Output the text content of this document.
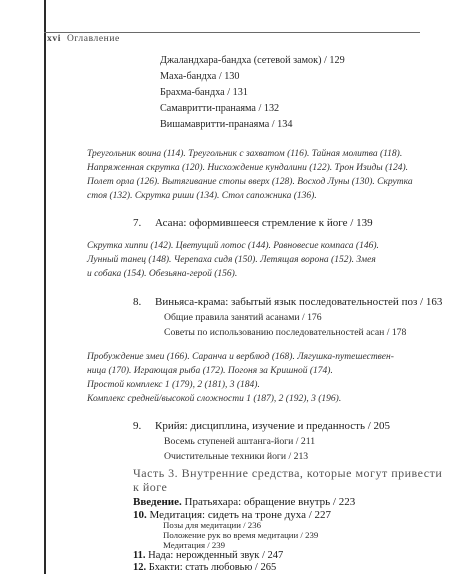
xvi Оглавление
Джаландхара-бандха (сетевой замок) / 129
Маха-бандха / 130
Брахма-бандха / 131
Самавритти-пранаяма / 132
Вишамавритти-пранаяма / 134
Треугольник воина (114). Треугольник с захватом (116). Тайная молитва (118).
Напряженная скрутка (120). Нисхождение кундалини (122). Трон Изиды (124).
Полет орла (126). Вытягивание стопы вверх (128). Восход Луны (130). Скрутка
стоя (132). Скрутка риши (134). Стол сапожника (136).
7. Асана: оформившееся стремление к йоге / 139
Скрутка хиппи (142). Цветущий лотос (144). Равновесие компаса (146).
Лунный танец (148). Черепаха сидя (150). Летящая ворона (152). Змея
и собака (154). Обезьяна-герой (156).
8. Виньяса-крама: забытый язык последовательностей поз / 163
Общие правила занятий асанами / 176
Советы по использованию последовательностей асан / 178
Пробуждение змеи (166). Саранча и верблюд (168). Лягушка-путешествен-
ница (170). Играющая рыба (172). Погоня за Кришной (174).
Простой комплекс 1 (179), 2 (181), 3 (184).
Комплекс средней/высокой сложности 1 (187), 2 (192), 3 (196).
9. Крийя: дисциплина, изучение и преданность / 205
Восемь ступеней аштанга-йоги / 211
Очистительные техники йоги / 213
Часть 3. Внутренние средства, которые могут привести
к йоге
Введение. Пратьяхара: обращение внутрь / 223
10. Медитация: сидеть на троне духа / 227
Позы для медитации / 236
Положение рук во время медитации / 239
Медитация / 239
11. Нада: нерожденный звук / 247
12. Бхакти: стать любовью / 265
